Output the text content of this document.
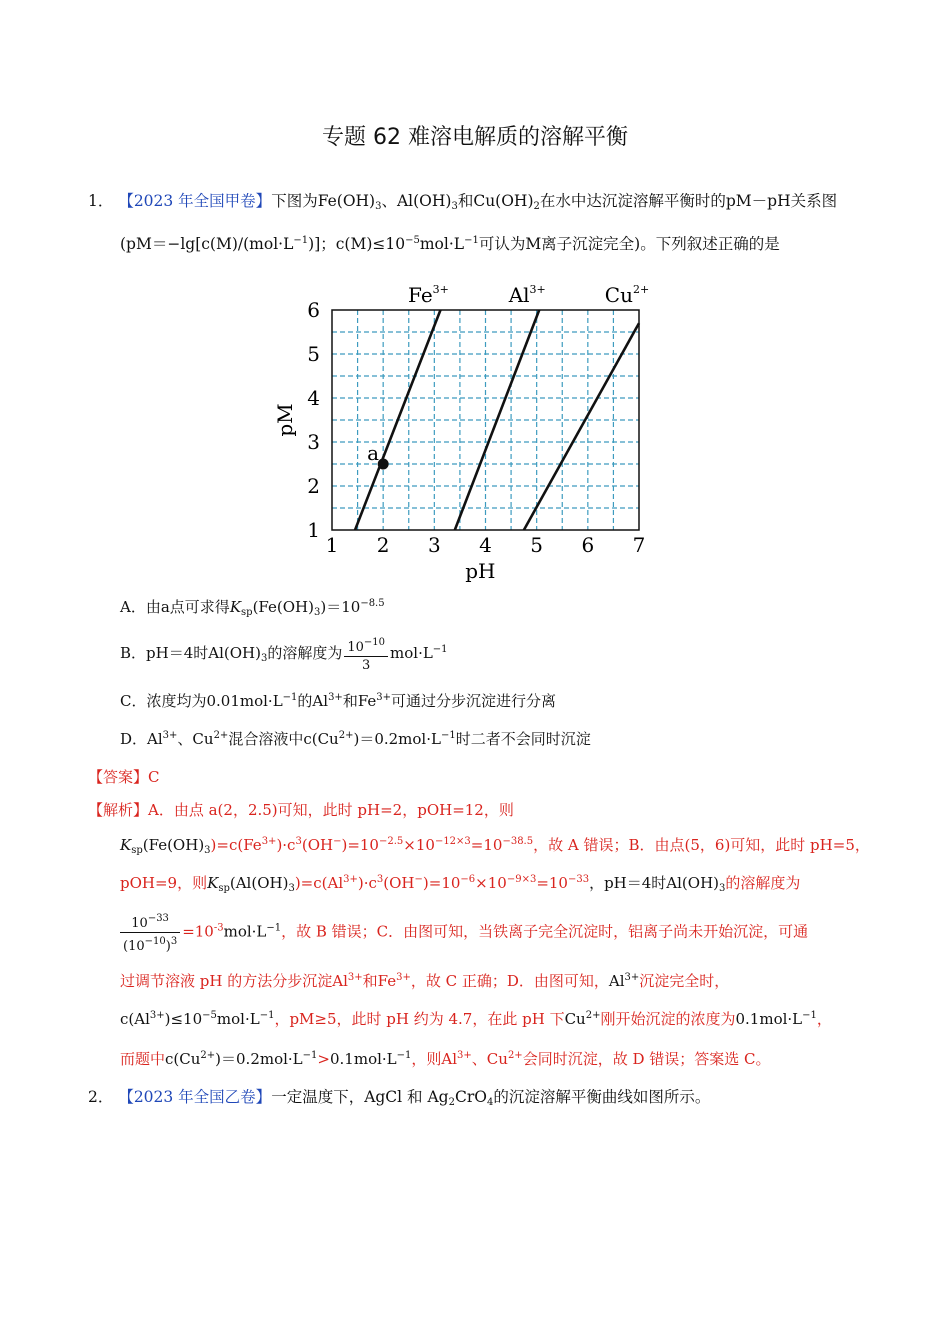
专题 62 难溶电解质的溶解平衡
1． 【2023 年全国甲卷】下图为$Fe(OH)_3$、$Al(OH)_3$和$Cu(OH)_2$在水中达沉淀溶解平衡时的pM－pH关系图
($pM=-\lg[c(M)/(mol\cdot L^{-1})]$；$c(M)\le 10^{-5}mol\cdot L^{-1}$可认为M离子沉淀完全)。下列叙述正确的是
1 2 3 4 5 6 7
1
2
3
4
5
6
pH
pM
$Fe^{3+}$	$Al^{3+}$	$Cu^{2+}$
a
A．由a点可求得$K_{sp}(Fe(OH)_3)=10^{-8.5}$
B．pH＝4时$Al(OH)_3$的溶解度为 $\frac{10^{-10}}{3} mol\cdot L^{-1}$
C．浓度均为$0.01mol\cdot L^{-1}$的$Al^{3+}$和$Fe^{3+}$可通过分步沉淀进行分离
D．$Al^{3+}$、$Cu^{2+}$混合溶液中$c(Cu^{2+})=0.2mol\cdot L^{-1}$时二者不会同时沉淀
【答案】C
【解析】A．由点 a(2，2.5)可知，此时 pH=2，pOH=12，则
$K_{sp}(Fe(OH)_3)=c(Fe^{3+})\cdot c^3(OH^-)=10^{-2.5}\times 10^{-12\times 3}=10^{-38.5}$，故 A 错误；B．由点(5，6)可知，此时 pH=5，
pOH=9，则$K_{sp}(Al(OH)_3)=c(Al^{3+})\cdot c^3(OH^-)=10^{-6}\times 10^{-9\times 3}=10^{-33}$，pH＝4时$Al(OH)_3$的溶解度为
$\frac{10^{-33}}{(10^{-10})^3} =10^{-3}mol\cdot L^{-1}$，故 B 错误；C．由图可知，当铁离子完全沉淀时，铝离子尚未开始沉淀，可通
过调节溶液 pH 的方法分步沉淀$Al^{3+}$和$Fe^{3+}$，故 C 正确；D．由图可知，$Al^{3+}$沉淀完全时，
$c(Al^{3+})\le 10^{-5}mol\cdot L^{-1}$，pM≥5，此时 pH 约为 4.7，在此 pH 下$Cu^{2+}$刚开始沉淀的浓度为$0.1mol\cdot L^{-1}$，
而题中$c(Cu^{2+})=0.2mol\cdot L^{-1}>0.1mol\cdot L^{-1}$，则$Al^{3+}$、$Cu^{2+}$会同时沉淀，故 D 错误；答案选 C。
2． 【2023 年全国乙卷】一定温度下，AgCl 和 $Ag_2CrO_4$的沉淀溶解平衡曲线如图所示。
